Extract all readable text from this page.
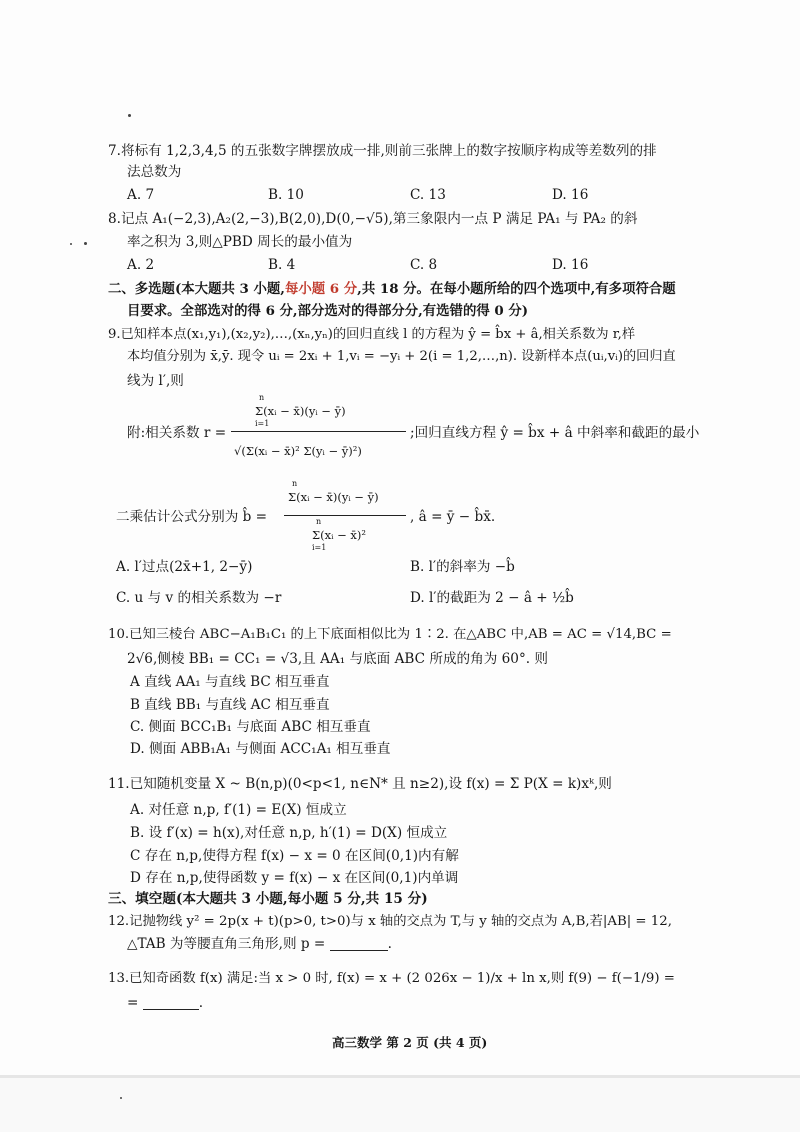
7.将标有 1,2,3,4,5 的五张数字牌摆放成一排,则前三张牌上的数字按顺序构成等差数列的排
法总数为
A. 7	B. 10	C. 13	D. 16
8.记点 A₁(−2,3),A₂(2,−3),B(2,0),D(0,−√5),第三象限内一点 P 满足 PA₁ 与 PA₂ 的斜
率之积为 3,则△PBD 周长的最小值为
A. 2	B. 4	C. 8	D. 16
二、多选题(本大题共 3 小题,每小题 6 分,共 18 分。在每小题所给的四个选项中,有多项符合题
目要求。全部选对的得 6 分,部分选对的得部分分,有选错的得 0 分)
9.已知样本点(x₁,y₁),(x₂,y₂),…,(xₙ,yₙ)的回归直线 l 的方程为 ŷ = b̂x + â,相关系数为 r,样
本均值分别为 x̄,ȳ. 现令 uᵢ = 2xᵢ + 1,vᵢ = −yᵢ + 2(i = 1,2,…,n). 设新样本点(uᵢ,vᵢ)的回归直
线为 l′,则
附:相关系数 r =
n
Σ(xᵢ − x̄)(yᵢ − ȳ)
i=1
√(Σ(xᵢ − x̄)² Σ(yᵢ − ȳ)²)
;回归直线方程 ŷ = b̂x + â 中斜率和截距的最小
二乘估计公式分别为 b̂ =
n
Σ(xᵢ − x̄)(yᵢ − ȳ)
n
Σ(xᵢ − x̄)²
i=1
, â = ȳ − b̂x̄.
A. l′过点(2x̄+1, 2−ȳ)	B. l′的斜率为 −b̂
C. u 与 v 的相关系数为 −r	D. l′的截距为 2 − â + ½b̂
10.已知三棱台 ABC−A₁B₁C₁ 的上下底面相似比为 1∶2. 在△ABC 中,AB = AC = √14,BC =
2√6,侧棱 BB₁ = CC₁ = √3,且 AA₁ 与底面 ABC 所成的角为 60°. 则
A 直线 AA₁ 与直线 BC 相互垂直
B 直线 BB₁ 与直线 AC 相互垂直
C. 侧面 BCC₁B₁ 与底面 ABC 相互垂直
D. 侧面 ABB₁A₁ 与侧面 ACC₁A₁ 相互垂直
11.已知随机变量 X ~ B(n,p)(0<p<1, n∈N* 且 n≥2),设 f(x) = Σ P(X = k)xᵏ,则
A. 对任意 n,p, f′(1) = E(X) 恒成立
B. 设 f′(x) = h(x),对任意 n,p, h′(1) = D(X) 恒成立
C 存在 n,p,使得方程 f(x) − x = 0 在区间(0,1)内有解
D 存在 n,p,使得函数 y = f(x) − x 在区间(0,1)内单调
三、填空题(本大题共 3 小题,每小题 5 分,共 15 分)
12.记抛物线 y² = 2p(x + t)(p>0, t>0)与 x 轴的交点为 T,与 y 轴的交点为 A,B,若|AB| = 12,
△TAB 为等腰直角三角形,则 p =	.
13.已知奇函数 f(x) 满足:当 x > 0 时, f(x) = x + (2 026x − 1)/x + ln x,则 f(9) − f(−1/9) =
=	.
高三数学 第 2 页 (共 4 页)
